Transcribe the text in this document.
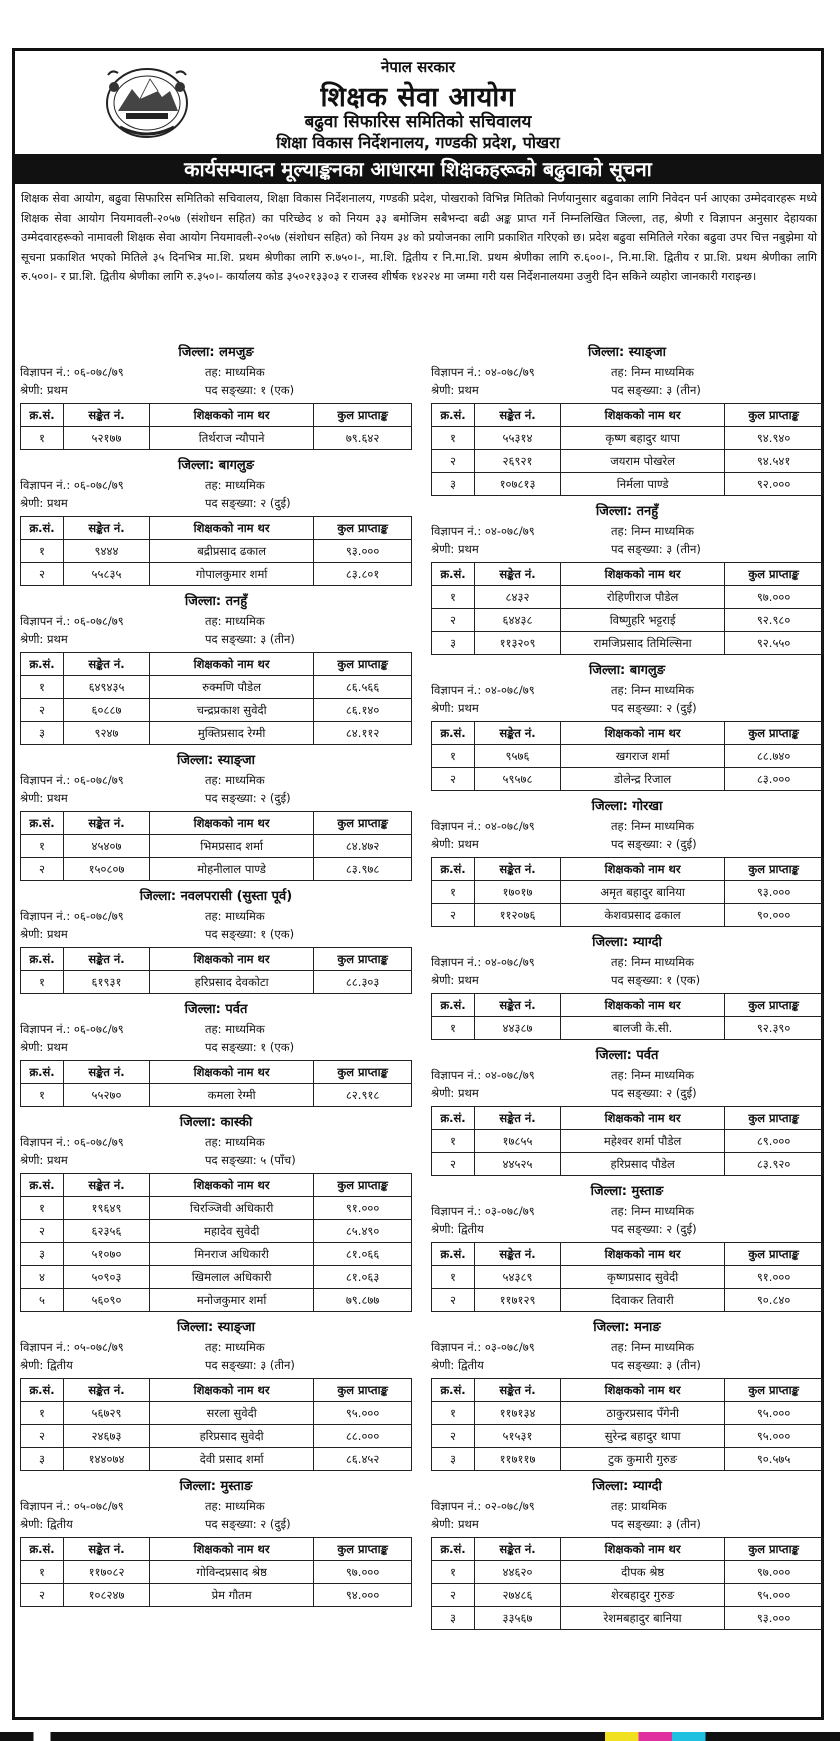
नेपाल सरकार
शिक्षक सेवा आयोग
बढुवा सिफारिस समितिको सचिवालय
शिक्षा विकास निर्देशनालय, गण्डकी प्रदेश, पोखरा
कार्यसम्पादन मूल्याङ्कनका आधारमा शिक्षकहरूको बढुवाको सूचना
शिक्षक सेवा आयोग, बढुवा सिफारिस समितिको सचिवालय, शिक्षा विकास निर्देशनालय, गण्डकी प्रदेश, पोखराको विभिन्न मितिको निर्णयानुसार बढुवाका लागि निवेदन पर्न आएका उम्मेदवारहरू मध्ये शिक्षक सेवा आयोग नियमावली-२०५७ (संशोधन सहित) का परिच्छेद ४ को नियम ३३ बमोजिम सबैभन्दा बढी अङ्क प्राप्त गर्ने निम्नलिखित जिल्ला, तह, श्रेणी र विज्ञापन अनुसार देहायका उम्मेदवारहरूको नामावली शिक्षक सेवा आयोग नियमावली-२०५७ (संशोधन सहित) को नियम ३४ को प्रयोजनका लागि प्रकाशित गरिएको छ। प्रदेश बढुवा समितिले गरेका बढुवा उपर चित्त नबुझेमा यो सूचना प्रकाशित भएको मितिले ३५ दिनभित्र मा.शि. प्रथम श्रेणीका लागि रु.७५०।-, मा.शि. द्वितीय र नि.मा.शि. प्रथम श्रेणीका लागि रु.६००।-, नि.मा.शि. द्वितीय र प्रा.शि. प्रथम श्रेणीका लागि रु.५००।- र प्रा.शि. द्वितीय श्रेणीका लागि रु.३५०।- कार्यालय कोड ३५०२१३३०३ र राजस्व शीर्षक १४२२४ मा जम्मा गरी यस निर्देशनालयमा उजुरी दिन सकिने व्यहोरा जानकारी गराइन्छ।
जिल्ला: लमजुङ
विज्ञापन नं.: ०६-०७८/७९	तह: माध्यमिक
श्रेणी: प्रथम	पद सङ्ख्या: १ (एक)
क्र.सं.	सङ्केत नं.	शिक्षकको नाम थर	कुल प्राप्ताङ्क
१	५२१७७	तिर्थराज न्यौपाने	७९.६४२
जिल्ला: बागलुङ
विज्ञापन नं.: ०६-०७८/७९	तह: माध्यमिक
श्रेणी: प्रथम	पद सङ्ख्या: २ (दुई)
क्र.सं.	सङ्केत नं.	शिक्षकको नाम थर	कुल प्राप्ताङ्क
१	९४४४	बद्रीप्रसाद ढकाल	९३.०००
२	५५८३५	गोपालकुमार शर्मा	८३.८०१
जिल्ला: तनहुँ
विज्ञापन नं.: ०६-०७८/७९	तह: माध्यमिक
श्रेणी: प्रथम	पद सङ्ख्या: ३ (तीन)
क्र.सं.	सङ्केत नं.	शिक्षकको नाम थर	कुल प्राप्ताङ्क
१	६४९४३५	रुक्मणि पौडेल	८६.५६६
२	६०८८७	चन्द्रप्रकाश सुवेदी	८६.१४०
३	९२४७	मुक्तिप्रसाद रेग्मी	८४.११२
जिल्ला: स्याङ्जा
विज्ञापन नं.: ०६-०७८/७९	तह: माध्यमिक
श्रेणी: प्रथम	पद सङ्ख्या: २ (दुई)
क्र.सं.	सङ्केत नं.	शिक्षकको नाम थर	कुल प्राप्ताङ्क
१	४५४०७	भिमप्रसाद शर्मा	८४.४७२
२	१५०८०७	मोहनीलाल पाण्डे	८३.९७८
जिल्ला: नवलपरासी (सुस्ता पूर्व)
विज्ञापन नं.: ०६-०७८/७९	तह: माध्यमिक
श्रेणी: प्रथम	पद सङ्ख्या: १ (एक)
क्र.सं.	सङ्केत नं.	शिक्षकको नाम थर	कुल प्राप्ताङ्क
१	६१९३१	हरिप्रसाद देवकोटा	८८.३०३
जिल्ला: पर्वत
विज्ञापन नं.: ०६-०७८/७९	तह: माध्यमिक
श्रेणी: प्रथम	पद सङ्ख्या: १ (एक)
क्र.सं.	सङ्केत नं.	शिक्षकको नाम थर	कुल प्राप्ताङ्क
१	५५२७०	कमला रेग्मी	८२.९१८
जिल्ला: कास्की
विज्ञापन नं.: ०६-०७८/७९	तह: माध्यमिक
श्रेणी: प्रथम	पद सङ्ख्या: ५ (पाँच)
क्र.सं.	सङ्केत नं.	शिक्षकको नाम थर	कुल प्राप्ताङ्क
१	१९६४९	चिरञ्जिवी अधिकारी	९१.०००
२	६२३५६	महादेव सुवेदी	८५.४९०
३	५१०७०	मिनराज अधिकारी	८१.०६६
४	५०९०३	खिमलाल अधिकारी	८१.०६३
५	५६०९०	मनोजकुमार शर्मा	७९.८७७
जिल्ला: स्याङ्जा
विज्ञापन नं.: ०५-०७८/७९	तह: माध्यमिक
श्रेणी: द्वितीय	पद सङ्ख्या: ३ (तीन)
क्र.सं.	सङ्केत नं.	शिक्षकको नाम थर	कुल प्राप्ताङ्क
१	५६७२९	सरला सुवेदी	९५.०००
२	२४६७३	हरिप्रसाद सुवेदी	८८.०००
३	१४४०७४	देवी प्रसाद शर्मा	८६.४५२
जिल्ला: मुस्ताङ
विज्ञापन नं.: ०५-०७८/७९	तह: माध्यमिक
श्रेणी: द्वितीय	पद सङ्ख्या: २ (दुई)
क्र.सं.	सङ्केत नं.	शिक्षकको नाम थर	कुल प्राप्ताङ्क
१	११७०८२	गोविन्दप्रसाद श्रेष्ठ	९७.०००
२	१०८२४७	प्रेम गौतम	९४.०००
जिल्ला: स्याङ्जा
विज्ञापन नं.: ०४-०७८/७९	तह: निम्न माध्यमिक
श्रेणी: प्रथम	पद सङ्ख्या: ३ (तीन)
क्र.सं.	सङ्केत नं.	शिक्षकको नाम थर	कुल प्राप्ताङ्क
१	५५३१४	कृष्ण बहादुर थापा	९४.९४०
२	२६९२१	जयराम पोखरेल	९४.५४१
३	१०७८१३	निर्मला पाण्डे	९२.०००
जिल्ला: तनहुँ
विज्ञापन नं.: ०४-०७८/७९	तह: निम्न माध्यमिक
श्रेणी: प्रथम	पद सङ्ख्या: ३ (तीन)
क्र.सं.	सङ्केत नं.	शिक्षकको नाम थर	कुल प्राप्ताङ्क
१	८४३२	रोहिणीराज पौडेल	९७.०००
२	६४४३८	विष्णुहरि भट्टराई	९२.९८०
३	११३२०९	रामजिप्रसाद तिमिल्सिना	९२.५५०
जिल्ला: बागलुङ
विज्ञापन नं.: ०४-०७८/७९	तह: निम्न माध्यमिक
श्रेणी: प्रथम	पद सङ्ख्या: २ (दुई)
क्र.सं.	सङ्केत नं.	शिक्षकको नाम थर	कुल प्राप्ताङ्क
१	९५७६	खगराज शर्मा	८८.७४०
२	५९५७८	डोलेन्द्र रिजाल	८३.०००
जिल्ला: गोरखा
विज्ञापन नं.: ०४-०७८/७९	तह: निम्न माध्यमिक
श्रेणी: प्रथम	पद सङ्ख्या: २ (दुई)
क्र.सं.	सङ्केत नं.	शिक्षकको नाम थर	कुल प्राप्ताङ्क
१	१७०१७	अमृत बहादुर बानिया	९३.०००
२	११२०७६	केशवप्रसाद ढकाल	९०.०००
जिल्ला: म्याग्दी
विज्ञापन नं.: ०४-०७८/७९	तह: निम्न माध्यमिक
श्रेणी: प्रथम	पद सङ्ख्या: १ (एक)
क्र.सं.	सङ्केत नं.	शिक्षकको नाम थर	कुल प्राप्ताङ्क
१	४४३८७	बालजी के.सी.	९२.३९०
जिल्ला: पर्वत
विज्ञापन नं.: ०४-०७८/७९	तह: निम्न माध्यमिक
श्रेणी: प्रथम	पद सङ्ख्या: २ (दुई)
क्र.सं.	सङ्केत नं.	शिक्षकको नाम थर	कुल प्राप्ताङ्क
१	१७८५५	महेश्वर शर्मा पौडेल	८९.०००
२	४४५२५	हरिप्रसाद पौडेल	८३.९२०
जिल्ला: मुस्ताङ
विज्ञापन नं.: ०३-०७८/७९	तह: निम्न माध्यमिक
श्रेणी: द्वितीय	पद सङ्ख्या: २ (दुई)
क्र.सं.	सङ्केत नं.	शिक्षकको नाम थर	कुल प्राप्ताङ्क
१	५४३८९	कृष्णप्रसाद सुवेदी	९१.०००
२	११७१२९	दिवाकर तिवारी	९०.८४०
जिल्ला: मनाङ
विज्ञापन नं.: ०३-०७८/७९	तह: निम्न माध्यमिक
श्रेणी: द्वितीय	पद सङ्ख्या: ३ (तीन)
क्र.सं.	सङ्केत नं.	शिक्षकको नाम थर	कुल प्राप्ताङ्क
१	११७१३४	ठाकुरप्रसाद पँगेनी	९५.०००
२	५१५३१	सुरेन्द्र बहादुर थापा	९५.०००
३	११७११७	टुक कुमारी गुरुङ	९०.५७५
जिल्ला: म्याग्दी
विज्ञापन नं.: ०२-०७८/७९	तह: प्राथमिक
श्रेणी: प्रथम	पद सङ्ख्या: ३ (तीन)
क्र.सं.	सङ्केत नं.	शिक्षकको नाम थर	कुल प्राप्ताङ्क
१	४४६२०	दीपक श्रेष्ठ	९७.०००
२	२७४८६	शेरबहादुर गुरुङ	९५.०००
३	३३५६७	रेशमबहादुर बानिया	९३.०००
